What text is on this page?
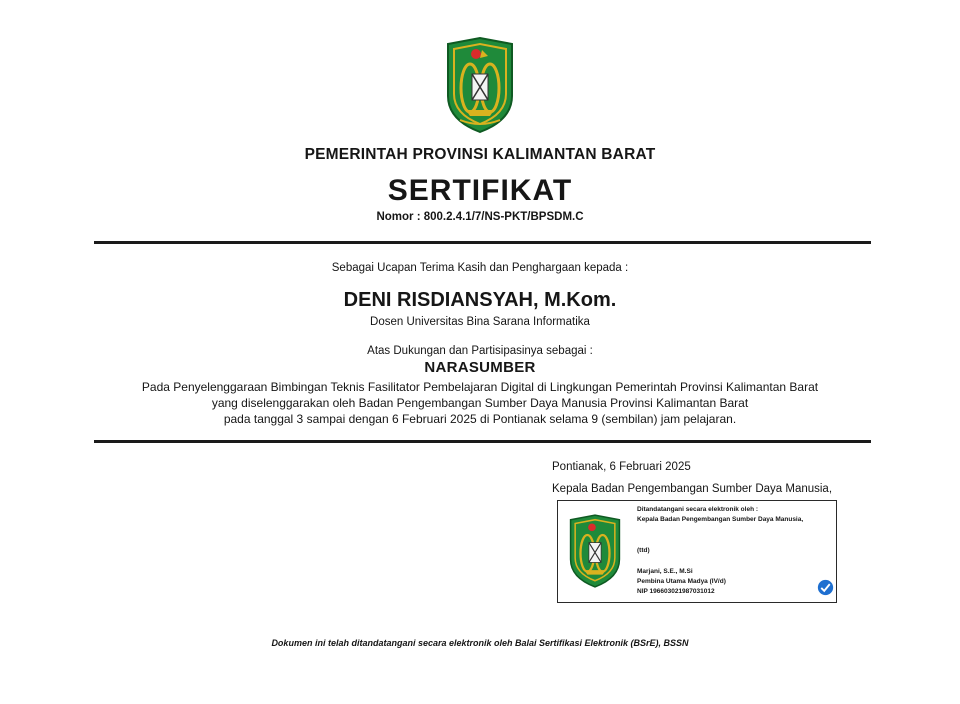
PEMERINTAH PROVINSI KALIMANTAN BARAT
SERTIFIKAT
Nomor : 800.2.4.1/7/NS-PKT/BPSDM.C
Sebagai Ucapan Terima Kasih dan Penghargaan kepada :
DENI RISDIANSYAH, M.Kom.
Dosen Universitas Bina Sarana Informatika
Atas Dukungan dan Partisipasinya sebagai :
NARASUMBER
Pada Penyelenggaraan Bimbingan Teknis Fasilitator Pembelajaran Digital di Lingkungan Pemerintah Provinsi Kalimantan Barat
yang diselenggarakan oleh Badan Pengembangan Sumber Daya Manusia Provinsi Kalimantan Barat
pada tanggal 3 sampai dengan 6 Februari 2025 di Pontianak selama 9 (sembilan) jam pelajaran.
Pontianak, 6 Februari 2025
Kepala Badan Pengembangan Sumber Daya Manusia,
Ditandatangani secara elektronik oleh :
Kepala Badan Pengembangan Sumber Daya Manusia,
(ttd)
Marjani, S.E., M.Si
Pembina Utama Madya (IV/d)
NIP 196603021987031012
Dokumen ini telah ditandatangani secara elektronik oleh Balai Sertifikasi Elektronik (BSrE), BSSN
